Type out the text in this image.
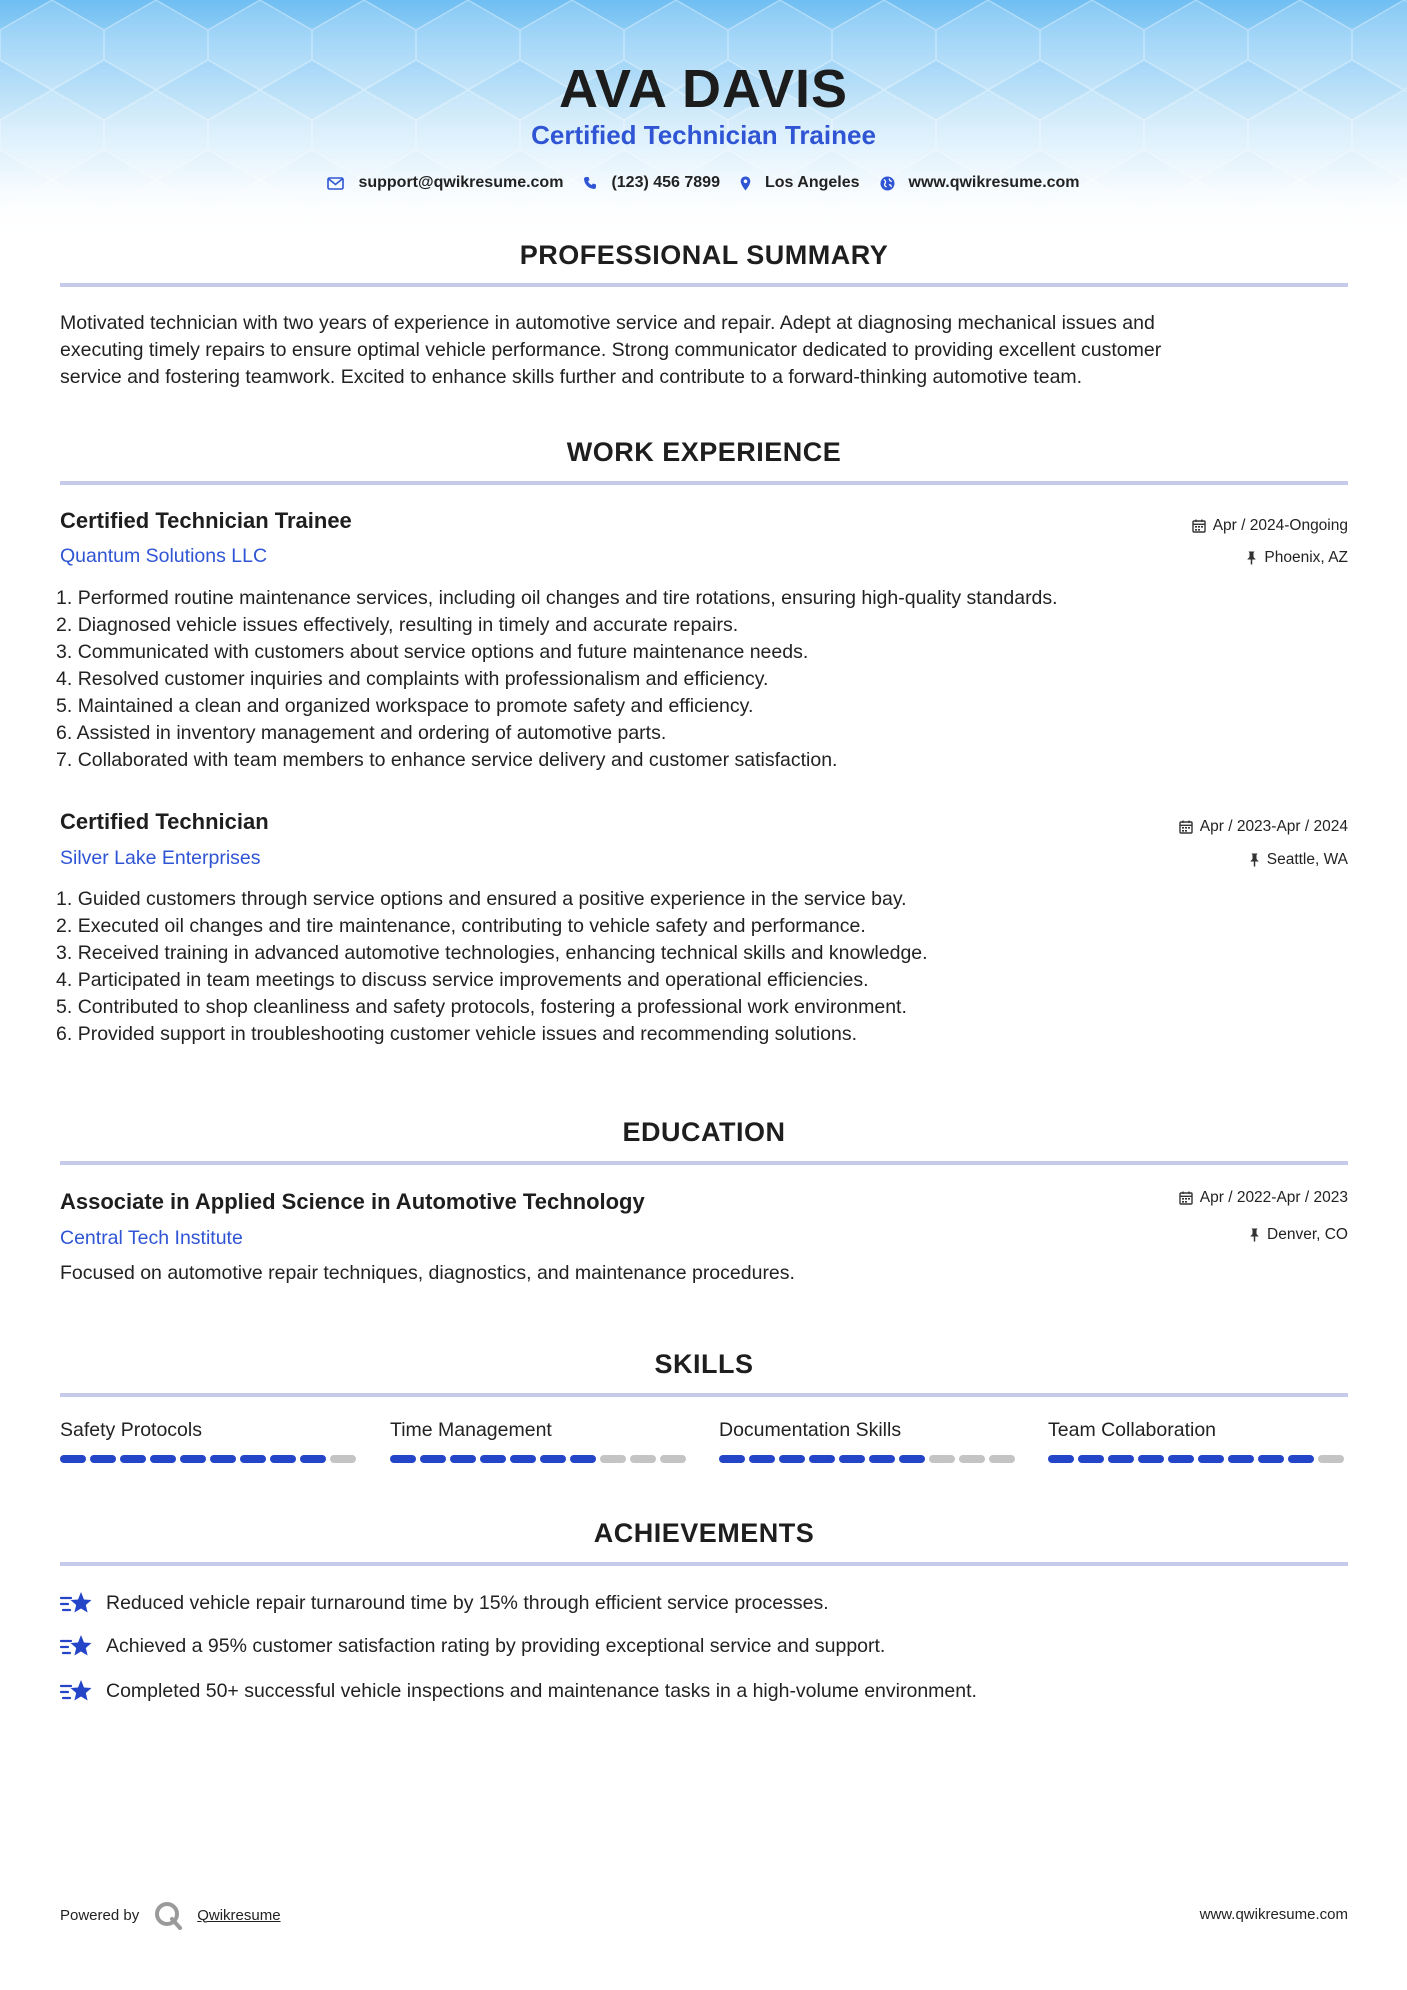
AVA DAVIS
Certified Technician Trainee
support@qwikresume.com	(123) 456 7899	Los Angeles	www.qwikresume.com
PROFESSIONAL SUMMARY
Motivated technician with two years of experience in automotive service and repair. Adept at diagnosing mechanical issues and
executing timely repairs to ensure optimal vehicle performance. Strong communicator dedicated to providing excellent customer
service and fostering teamwork. Excited to enhance skills further and contribute to a forward-thinking automotive team.
WORK EXPERIENCE
Certified Technician Trainee
Quantum Solutions LLC
Apr / 2024-Ongoing
Phoenix, AZ
1. Performed routine maintenance services, including oil changes and tire rotations, ensuring high-quality standards.
2. Diagnosed vehicle issues effectively, resulting in timely and accurate repairs.
3. Communicated with customers about service options and future maintenance needs.
4. Resolved customer inquiries and complaints with professionalism and efficiency.
5. Maintained a clean and organized workspace to promote safety and efficiency.
6. Assisted in inventory management and ordering of automotive parts.
7. Collaborated with team members to enhance service delivery and customer satisfaction.
Certified Technician
Silver Lake Enterprises
Apr / 2023-Apr / 2024
Seattle, WA
1. Guided customers through service options and ensured a positive experience in the service bay.
2. Executed oil changes and tire maintenance, contributing to vehicle safety and performance.
3. Received training in advanced automotive technologies, enhancing technical skills and knowledge.
4. Participated in team meetings to discuss service improvements and operational efficiencies.
5. Contributed to shop cleanliness and safety protocols, fostering a professional work environment.
6. Provided support in troubleshooting customer vehicle issues and recommending solutions.
EDUCATION
Associate in Applied Science in Automotive Technology
Central Tech Institute
Apr / 2022-Apr / 2023
Denver, CO
Focused on automotive repair techniques, diagnostics, and maintenance procedures.
SKILLS
Safety Protocols	Time Management	Documentation Skills	Team Collaboration
ACHIEVEMENTS
Reduced vehicle repair turnaround time by 15% through efficient service processes.
Achieved a 95% customer satisfaction rating by providing exceptional service and support.
Completed 50+ successful vehicle inspections and maintenance tasks in a high-volume environment.
Powered by	Qwikresume	www.qwikresume.com
